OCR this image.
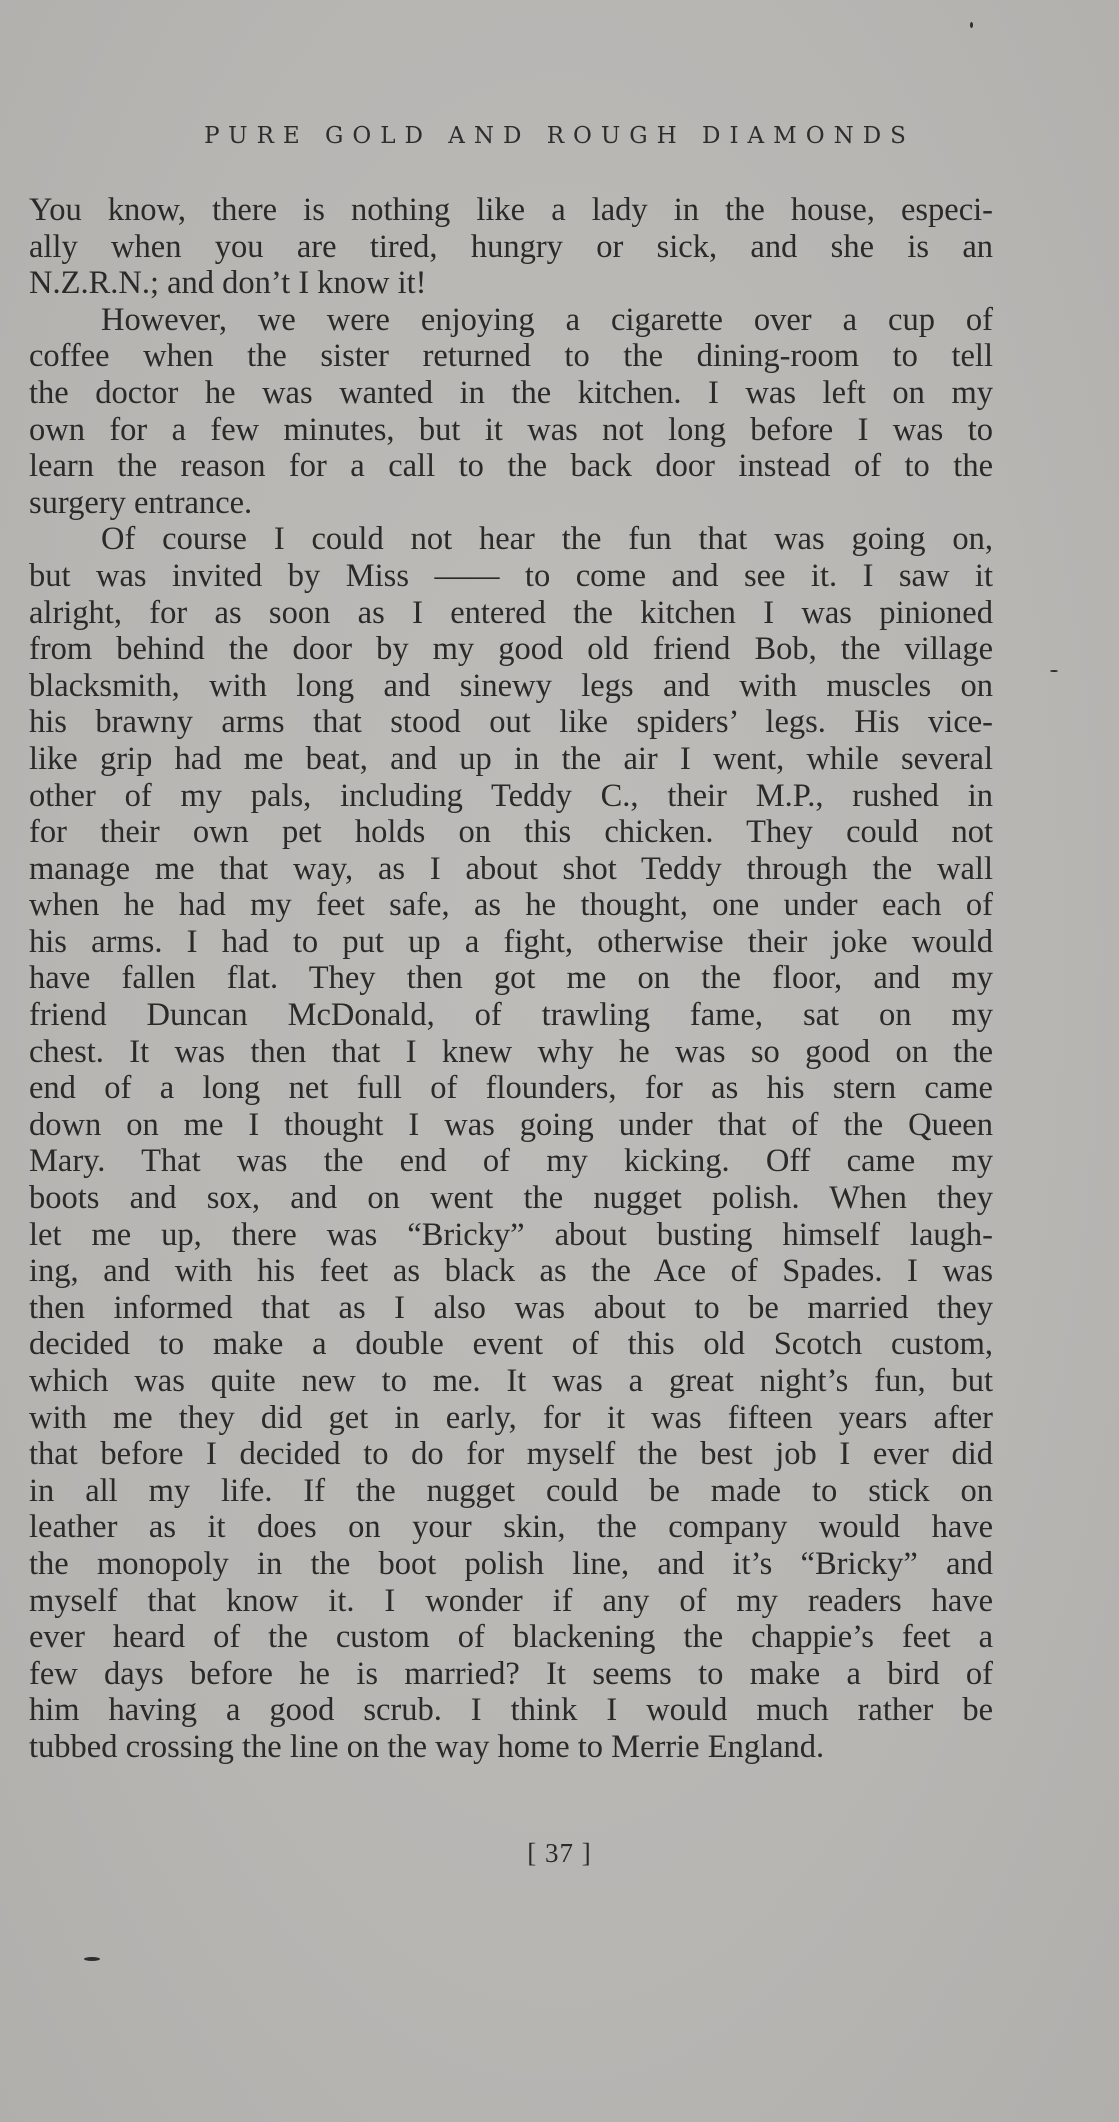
PURE GOLD AND ROUGH DIAMONDS
You know, there is nothing like a lady in the house, especi-
ally when you are tired, hungry or sick, and she is an
N.Z.R.N.; and don’t I know it!
However, we were enjoying a cigarette over a cup of
coffee when the sister returned to the dining-room to tell
the doctor he was wanted in the kitchen. I was left on my
own for a few minutes, but it was not long before I was to
learn the reason for a call to the back door instead of to the
surgery entrance.
Of course I could not hear the fun that was going on,
but was invited by Miss —— to come and see it. I saw it
alright, for as soon as I entered the kitchen I was pinioned
from behind the door by my good old friend Bob, the village
blacksmith, with long and sinewy legs and with muscles on
his brawny arms that stood out like spiders’ legs. His vice-
like grip had me beat, and up in the air I went, while several
other of my pals, including Teddy C., their M.P., rushed in
for their own pet holds on this chicken. They could not
manage me that way, as I about shot Teddy through the wall
when he had my feet safe, as he thought, one under each of
his arms. I had to put up a fight, otherwise their joke would
have fallen flat. They then got me on the floor, and my
friend Duncan McDonald, of trawling fame, sat on my
chest. It was then that I knew why he was so good on the
end of a long net full of flounders, for as his stern came
down on me I thought I was going under that of the Queen
Mary. That was the end of my kicking. Off came my
boots and sox, and on went the nugget polish. When they
let me up, there was “Bricky” about busting himself laugh-
ing, and with his feet as black as the Ace of Spades. I was
then informed that as I also was about to be married they
decided to make a double event of this old Scotch custom,
which was quite new to me. It was a great night’s fun, but
with me they did get in early, for it was fifteen years after
that before I decided to do for myself the best job I ever did
in all my life. If the nugget could be made to stick on
leather as it does on your skin, the company would have
the monopoly in the boot polish line, and it’s “Bricky” and
myself that know it. I wonder if any of my readers have
ever heard of the custom of blackening the chappie’s feet a
few days before he is married? It seems to make a bird of
him having a good scrub. I think I would much rather be
tubbed crossing the line on the way home to Merrie England.
[ 37 ]
